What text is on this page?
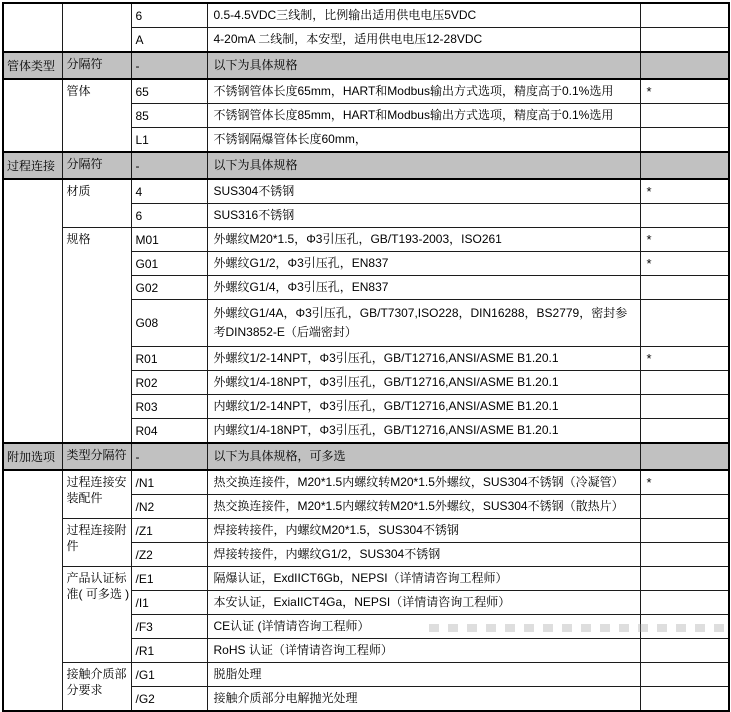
		6	0.5-4.5VDC三线制，比例输出适用供电电压5VDC	
		A	4-20mA 二线制，本安型，适用供电电压12-28VDC	
管体类型	分隔符	-	以下为具体规格	
	管体	65	不锈钢管体长度65mm，HART和Modbus输出方式选项，精度高于0.1%选用	*
		85	不锈钢管体长度85mm，HART和Modbus输出方式选项，精度高于0.1%选用	
		L1	不锈钢隔爆管体长度60mm，	
过程连接	分隔符	-	以下为具体规格	
	材质	4	SUS304不锈钢	*
		6	SUS316不锈钢	
	规格	M01	外螺纹M20*1.5，Φ3引压孔，GB/T193-2003，ISO261	*
		G01	外螺纹G1/2，Φ3引压孔，EN837	*
		G02	外螺纹G1/4，Φ3引压孔，EN837	
		G08	外螺纹G1/4A，Φ3引压孔，GB/T7307,ISO228，DIN16288，BS2779，密封参考DIN3852-E（后端密封）	
		R01	外螺纹1/2-14NPT，Φ3引压孔，GB/T12716,ANSI/ASME B1.20.1	*
		R02	外螺纹1/4-18NPT，Φ3引压孔，GB/T12716,ANSI/ASME B1.20.1	
		R03	内螺纹1/2-14NPT，Φ3引压孔，GB/T12716,ANSI/ASME B1.20.1	
		R04	内螺纹1/4-18NPT，Φ3引压孔，GB/T12716,ANSI/ASME B1.20.1	
附加选项	类型分隔符	-	以下为具体规格，可多选	
	过程连接安装配件	/N1	热交换连接件，M20*1.5内螺纹转M20*1.5外螺纹，SUS304不锈钢（冷凝管）	*
		/N2	热交换连接件，M20*1.5内螺纹转M20*1.5外螺纹，SUS304不锈钢（散热片）	
	过程连接附件	/Z1	焊接转接件，内螺纹M20*1.5，SUS304不锈钢	
		/Z2	焊接转接件，内螺纹G1/2，SUS304不锈钢	
	产品认证标准( 可多选 )	/E1	隔爆认证，ExdIICT6Gb，NEPSI（详情请咨询工程师）	
		/I1	本安认证，ExiaIICT4Ga，NEPSI（详情请咨询工程师）	
		/F3	CE认证 (详情请咨询工程师）	
		/R1	RoHS 认证（详情请咨询工程师）	
	接触介质部分要求	/G1	脱脂处理	
		/G2	接触介质部分电解抛光处理	
